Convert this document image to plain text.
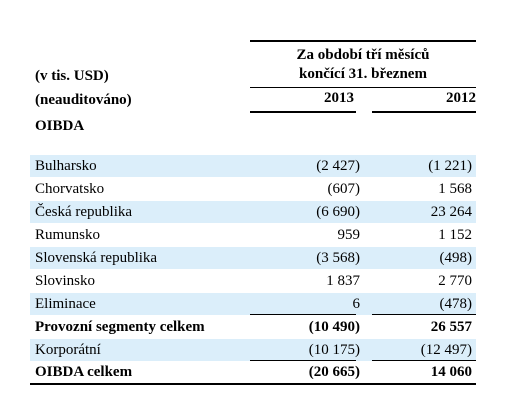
Za období tří měsíců
končící 31. březnem
(v tis. USD)
(neauditováno)
OIBDA
2013	2012
Bulharsko	(2 427)	(1 221)
Chorvatsko	(607)	1 568
Česká republika	(6 690)	23 264
Rumunsko	959	1 152
Slovenská republika	(3 568)	(498)
Slovinsko	1 837	2 770
Eliminace	6	(478)
Provozní segmenty celkem	(10 490)	26 557
Korporátní	(10 175)	(12 497)
OIBDA celkem	(20 665)	14 060
